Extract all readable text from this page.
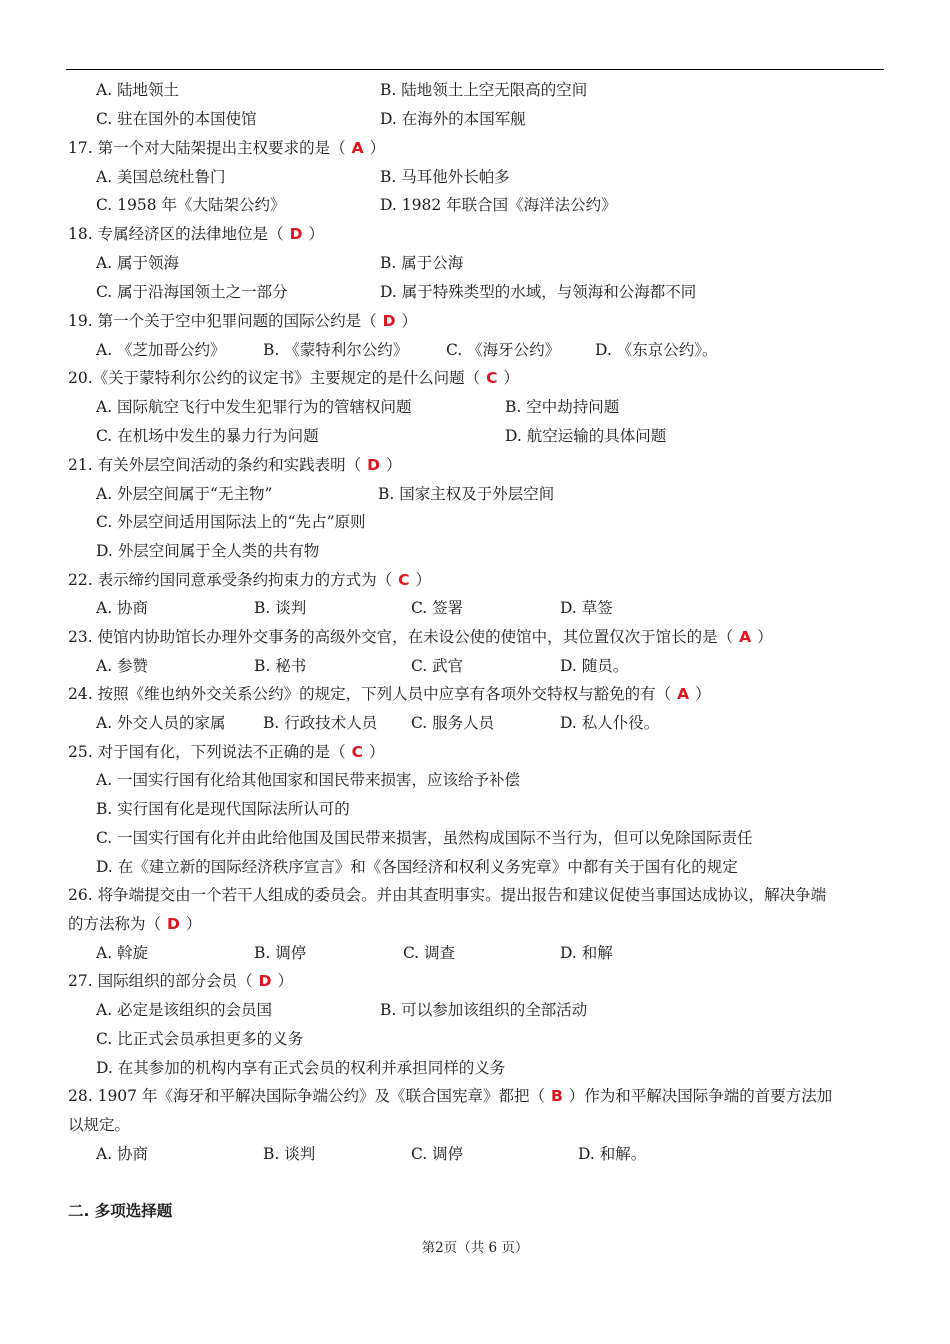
A. 陆地领土	B. 陆地领土上空无限高的空间
C. 驻在国外的本国使馆	D. 在海外的本国军舰
17. 第一个对大陆架提出主权要求的是（ A ）
A. 美国总统杜鲁门	B. 马耳他外长帕多
C. 1958 年《大陆架公约》	D. 1982 年联合国《海洋法公约》
18. 专属经济区的法律地位是（ D ）
A. 属于领海	B. 属于公海
C. 属于沿海国领土之一部分	D. 属于特殊类型的水域，与领海和公海都不同
19. 第一个关于空中犯罪问题的国际公约是（ D ）
A. 《芝加哥公约》 B. 《蒙特利尔公约》 C. 《海牙公约》 D. 《东京公约》。
20.《关于蒙特利尔公约的议定书》主要规定的是什么问题（ C ）
A. 国际航空飞行中发生犯罪行为的管辖权问题	B. 空中劫持问题
C. 在机场中发生的暴力行为问题	D. 航空运输的具体问题
21. 有关外层空间活动的条约和实践表明（ D ）
A. 外层空间属于“无主物”	B. 国家主权及于外层空间
C. 外层空间适用国际法上的“先占”原则
D. 外层空间属于全人类的共有物
22. 表示缔约国同意承受条约拘束力的方式为（ C ）
A. 协商	B. 谈判	C. 签署	D. 草签
23. 使馆内协助馆长办理外交事务的高级外交官，在未设公使的使馆中，其位置仅次于馆长的是（ A ）
A. 参赞	B. 秘书	C. 武官	D. 随员。
24. 按照《维也纳外交关系公约》的规定，下列人员中应享有各项外交特权与豁免的有（ A ）
A. 外交人员的家属 B. 行政技术人员 C. 服务人员	D. 私人仆役。
25. 对于国有化，下列说法不正确的是（ C ）
A. 一国实行国有化给其他国家和国民带来损害，应该给予补偿
B. 实行国有化是现代国际法所认可的
C. 一国实行国有化并由此给他国及国民带来损害，虽然构成国际不当行为，但可以免除国际责任
D. 在《建立新的国际经济秩序宣言》和《各国经济和权利义务宪章》中都有关于国有化的规定
26. 将争端提交由一个若干人组成的委员会。并由其查明事实。提出报告和建议促使当事国达成协议，解决争端
的方法称为（ D ）
A. 斡旋	B. 调停	C. 调查	D. 和解
27. 国际组织的部分会员（ D ）
A. 必定是该组织的会员国	B. 可以参加该组织的全部活动
C. 比正式会员承担更多的义务
D. 在其参加的机构内享有正式会员的权利并承担同样的义务
28. 1907 年《海牙和平解决国际争端公约》及《联合国宪章》都把（ B ）作为和平解决国际争端的首要方法加
以规定。
A. 协商	B. 谈判	C. 调停	D. 和解。
二. 多项选择题
第2页（共 6 页）
